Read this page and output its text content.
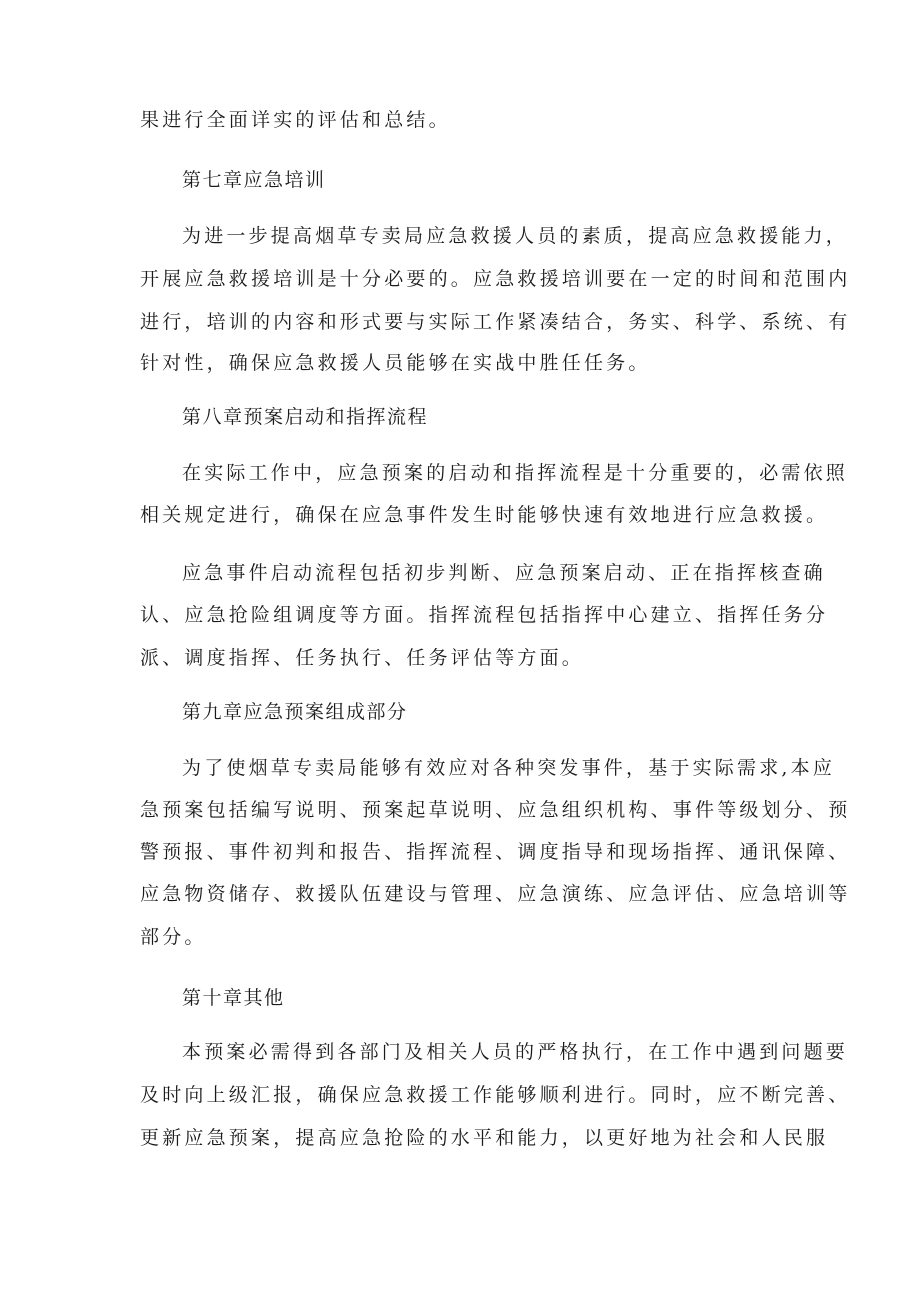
果进行全面详实的评估和总结。
第七章应急培训
为进一步提高烟草专卖局应急救援人员的素质，提高应急救援能力，
开展应急救援培训是十分必要的。应急救援培训要在一定的时间和范围内
进行，培训的内容和形式要与实际工作紧凑结合，务实、科学、系统、有
针对性，确保应急救援人员能够在实战中胜任任务。
第八章预案启动和指挥流程
在实际工作中，应急预案的启动和指挥流程是十分重要的，必需依照
相关规定进行，确保在应急事件发生时能够快速有效地进行应急救援。
应急事件启动流程包括初步判断、应急预案启动、正在指挥核查确
认、应急抢险组调度等方面。指挥流程包括指挥中心建立、指挥任务分
派、调度指挥、任务执行、任务评估等方面。
第九章应急预案组成部分
为了使烟草专卖局能够有效应对各种突发事件，基于实际需求,本应
急预案包括编写说明、预案起草说明、应急组织机构、事件等级划分、预
警预报、事件初判和报告、指挥流程、调度指导和现场指挥、通讯保障、
应急物资储存、救援队伍建设与管理、应急演练、应急评估、应急培训等
部分。
第十章其他
本预案必需得到各部门及相关人员的严格执行，在工作中遇到问题要
及时向上级汇报，确保应急救援工作能够顺利进行。同时，应不断完善、
更新应急预案，提高应急抢险的水平和能力，以更好地为社会和人民服
